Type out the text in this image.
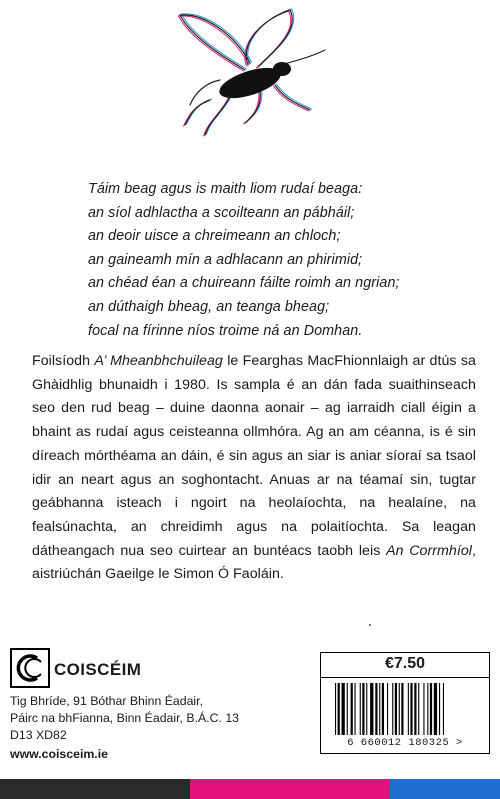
Táim beag agus is maith liom rudaí beaga:
an síol adhlactha a scoilteann an pábháil;
an deoir uisce a chreimeann an chloch;
an gaineamh mín a adhlacann an phirimid;
an chéad éan a chuireann fáilte roimh an ngrian;
an dúthaigh bheag, an teanga bheag;
focal na fírinne níos troime ná an Domhan.
Foilsíodh A’ Mheanbhchuileag le Fearghas MacFhionnlaigh ar dtús sa Ghàidhlig bhunaidh i 1980. Is sampla é an dán fada suaithinseach seo den rud beag – duine daonna aonair – ag iarraidh ciall éigin a bhaint as rudaí agus ceisteanna ollmhóra. Ag an am céanna, is é sin díreach mórthéama an dáin, é sin agus an siar is aniar síoraí sa tsaol idir an neart agus an soghontacht. Anuas ar na téamaí sin, tugtar geábhanna isteach i ngoirt na heolaíochta, na healaíne, na fealsúnachta, an chreidimh agus na polaitíochta. Sa leagan dátheangach nua seo cuirtear an buntéacs taobh leis An Corrmhíol, aistriúchán Gaeilge le Simon Ó Faoláin.
COISCÉIM
Tig Bhríde, 91 Bóthar Bhinn Éadair,
Páirc na bhFianna, Binn Éadair, B.Á.C. 13
D13 XD82
www.coisceim.ie
€7.50
6 660012 180325 >
